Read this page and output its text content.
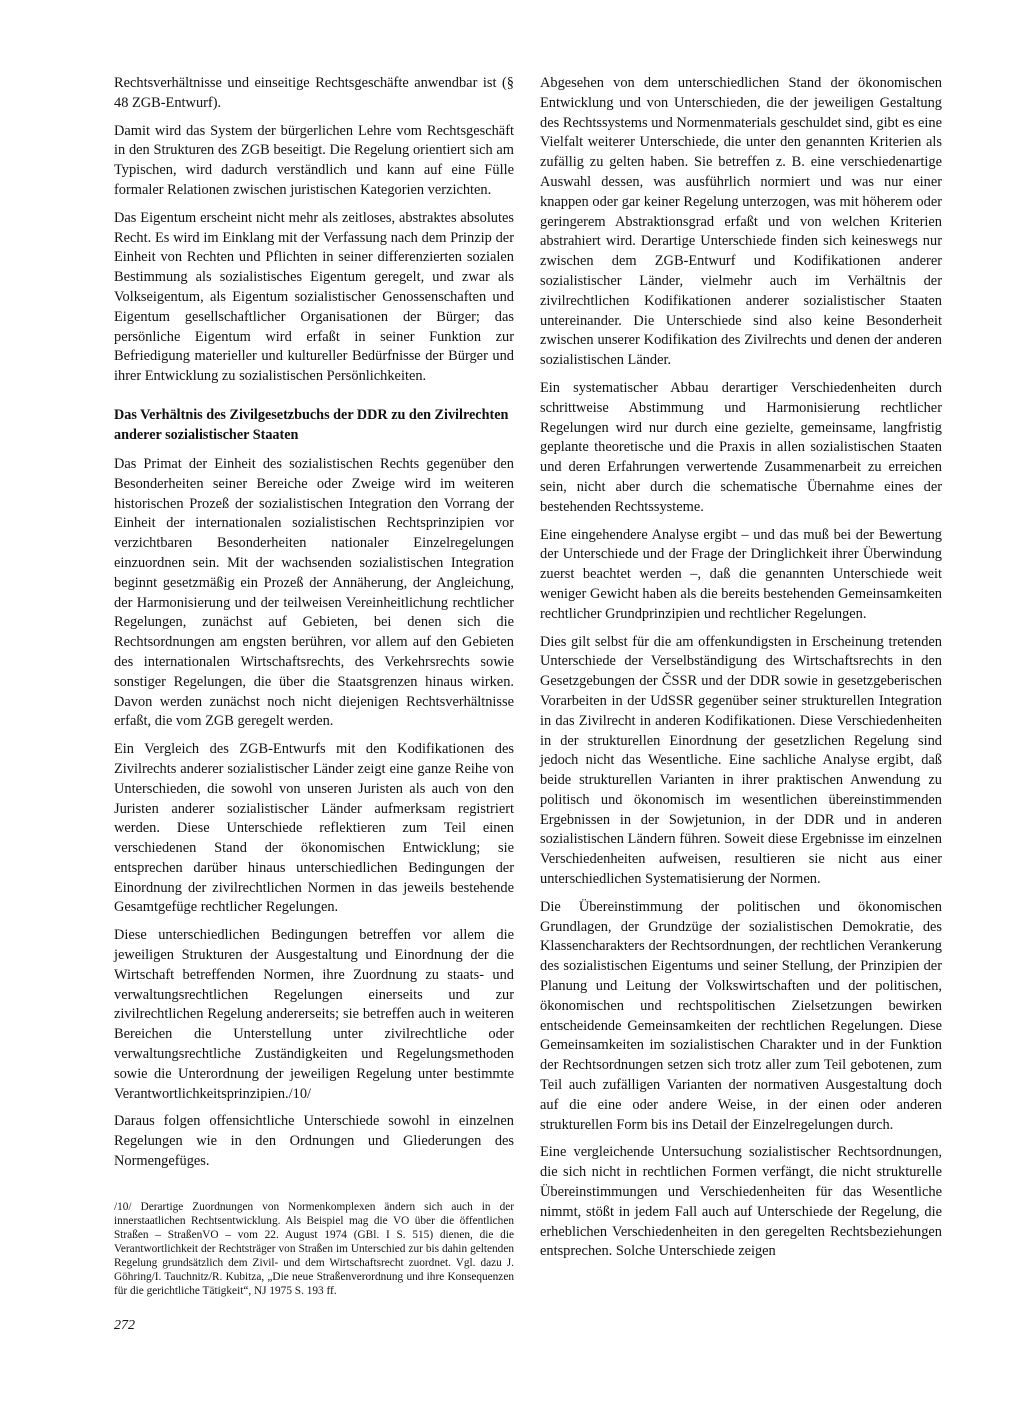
Rechtsverhältnisse und einseitige Rechtsgeschäfte anwendbar ist (§ 48 ZGB-Entwurf).

Damit wird das System der bürgerlichen Lehre vom Rechtsgeschäft in den Strukturen des ZGB beseitigt. Die Regelung orientiert sich am Typischen, wird dadurch verständlich und kann auf eine Fülle formaler Relationen zwischen juristischen Kategorien verzichten.

Das Eigentum erscheint nicht mehr als zeitloses, abstraktes absolutes Recht. Es wird im Einklang mit der Verfassung nach dem Prinzip der Einheit von Rechten und Pflichten in seiner differenzierten sozialen Bestimmung als sozialistisches Eigentum geregelt, und zwar als Volkseigentum, als Eigentum sozialistischer Genossenschaften und Eigentum gesellschaftlicher Organisationen der Bürger; das persönliche Eigentum wird erfaßt in seiner Funktion zur Befriedigung materieller und kultureller Bedürfnisse der Bürger und ihrer Entwicklung zu sozialistischen Persönlichkeiten.

Das Verhältnis des Zivilgesetzbuchs der DDR zu den Zivilrechten anderer sozialistischer Staaten

Das Primat der Einheit des sozialistischen Rechts gegenüber den Besonderheiten seiner Bereiche oder Zweige wird im weiteren historischen Prozeß der sozialistischen Integration den Vorrang der Einheit der internationalen sozialistischen Rechtsprinzipien vor verzichtbaren Besonderheiten nationaler Einzelregelungen einzuordnen sein. Mit der wachsenden sozialistischen Integration beginnt gesetzmäßig ein Prozeß der Annäherung, der Angleichung, der Harmonisierung und der teilweisen Vereinheitlichung rechtlicher Regelungen, zunächst auf Gebieten, bei denen sich die Rechtsordnungen am engsten berühren, vor allem auf den Gebieten des internationalen Wirtschaftsrechts, des Verkehrsrechts sowie sonstiger Regelungen, die über die Staatsgrenzen hinaus wirken. Davon werden zunächst noch nicht diejenigen Rechtsverhältnisse erfaßt, die vom ZGB geregelt werden.

Ein Vergleich des ZGB-Entwurfs mit den Kodifikationen des Zivilrechts anderer sozialistischer Länder zeigt eine ganze Reihe von Unterschieden, die sowohl von unseren Juristen als auch von den Juristen anderer sozialistischer Länder aufmerksam registriert werden. Diese Unterschiede reflektieren zum Teil einen verschiedenen Stand der ökonomischen Entwicklung; sie entsprechen darüber hinaus unterschiedlichen Bedingungen der Einordnung der zivilrechtlichen Normen in das jeweils bestehende Gesamtgefüge rechtlicher Regelungen.

Diese unterschiedlichen Bedingungen betreffen vor allem die jeweiligen Strukturen der Ausgestaltung und Einordnung der die Wirtschaft betreffenden Normen, ihre Zuordnung zu staats- und verwaltungsrechtlichen Regelungen einerseits und zur zivilrechtlichen Regelung andererseits; sie betreffen auch in weiteren Bereichen die Unterstellung unter zivilrechtliche oder verwaltungsrechtliche Zuständigkeiten und Regelungsmethoden sowie die Unterordnung der jeweiligen Regelung unter bestimmte Verantwortlichkeitsprinzipien./10/

Daraus folgen offensichtliche Unterschiede sowohl in einzelnen Regelungen wie in den Ordnungen und Gliederungen des Normengefüges.

/10/ Derartige Zuordnungen von Normenkomplexen ändern sich auch in der innerstaatlichen Rechtsentwicklung. Als Beispiel mag die VO über die öffentlichen Straßen – StraßenVO – vom 22. August 1974 (GBl. I S. 515) dienen, die die Verantwortlichkeit der Rechtsträger von Straßen im Unterschied zur bis dahin geltenden Regelung grundsätzlich dem Zivil- und dem Wirtschaftsrecht zuordnet. Vgl. dazu J. Göhring/I. Tauchnitz/R. Kubitza, „Die neue Straßenverordnung und ihre Konsequenzen für die gerichtliche Tätigkeit“, NJ 1975 S. 193 ff.

Abgesehen von dem unterschiedlichen Stand der ökonomischen Entwicklung und von Unterschieden, die der jeweiligen Gestaltung des Rechtssystems und Normenmaterials geschuldet sind, gibt es eine Vielfalt weiterer Unterschiede, die unter den genannten Kriterien als zufällig zu gelten haben. Sie betreffen z. B. eine verschiedenartige Auswahl dessen, was ausführlich normiert und was nur einer knappen oder gar keiner Regelung unterzogen, was mit höherem oder geringerem Abstraktionsgrad erfaßt und von welchen Kriterien abstrahiert wird. Derartige Unterschiede finden sich keineswegs nur zwischen dem ZGB-Entwurf und Kodifikationen anderer sozialistischer Länder, vielmehr auch im Verhältnis der zivilrechtlichen Kodifikationen anderer sozialistischer Staaten untereinander. Die Unterschiede sind also keine Besonderheit zwischen unserer Kodifikation des Zivilrechts und denen der anderen sozialistischen Länder.

Ein systematischer Abbau derartiger Verschiedenheiten durch schrittweise Abstimmung und Harmonisierung rechtlicher Regelungen wird nur durch eine gezielte, gemeinsame, langfristig geplante theoretische und die Praxis in allen sozialistischen Staaten und deren Erfahrungen verwertende Zusammenarbeit zu erreichen sein, nicht aber durch die schematische Übernahme eines der bestehenden Rechtssysteme.

Eine eingehendere Analyse ergibt – und das muß bei der Bewertung der Unterschiede und der Frage der Dringlichkeit ihrer Überwindung zuerst beachtet werden –, daß die genannten Unterschiede weit weniger Gewicht haben als die bereits bestehenden Gemeinsamkeiten rechtlicher Grundprinzipien und rechtlicher Regelungen.

Dies gilt selbst für die am offenkundigsten in Erscheinung tretenden Unterschiede der Verselbständigung des Wirtschaftsrechts in den Gesetzgebungen der ČSSR und der DDR sowie in gesetzgeberischen Vorarbeiten in der UdSSR gegenüber seiner strukturellen Integration in das Zivilrecht in anderen Kodifikationen. Diese Verschiedenheiten in der strukturellen Einordnung der gesetzlichen Regelung sind jedoch nicht das Wesentliche. Eine sachliche Analyse ergibt, daß beide strukturellen Varianten in ihrer praktischen Anwendung zu politisch und ökonomisch im wesentlichen übereinstimmenden Ergebnissen in der Sowjetunion, in der DDR und in anderen sozialistischen Ländern führen. Soweit diese Ergebnisse im einzelnen Verschiedenheiten aufweisen, resultieren sie nicht aus einer unterschiedlichen Systematisierung der Normen.

Die Übereinstimmung der politischen und ökonomischen Grundlagen, der Grundzüge der sozialistischen Demokratie, des Klassencharakters der Rechtsordnungen, der rechtlichen Verankerung des sozialistischen Eigentums und seiner Stellung, der Prinzipien der Planung und Leitung der Volkswirtschaften und der politischen, ökonomischen und rechtspolitischen Zielsetzungen bewirken entscheidende Gemeinsamkeiten der rechtlichen Regelungen. Diese Gemeinsamkeiten im sozialistischen Charakter und in der Funktion der Rechtsordnungen setzen sich trotz aller zum Teil gebotenen, zum Teil auch zufälligen Varianten der normativen Ausgestaltung doch auf die eine oder andere Weise, in der einen oder anderen strukturellen Form bis ins Detail der Einzelregelungen durch.

Eine vergleichende Untersuchung sozialistischer Rechtsordnungen, die sich nicht in rechtlichen Formen verfängt, die nicht strukturelle Übereinstimmungen und Verschiedenheiten für das Wesentliche nimmt, stößt in jedem Fall auch auf Unterschiede der Regelung, die erheblichen Verschiedenheiten in den geregelten Rechtsbeziehungen entsprechen. Solche Unterschiede zeigen

272
